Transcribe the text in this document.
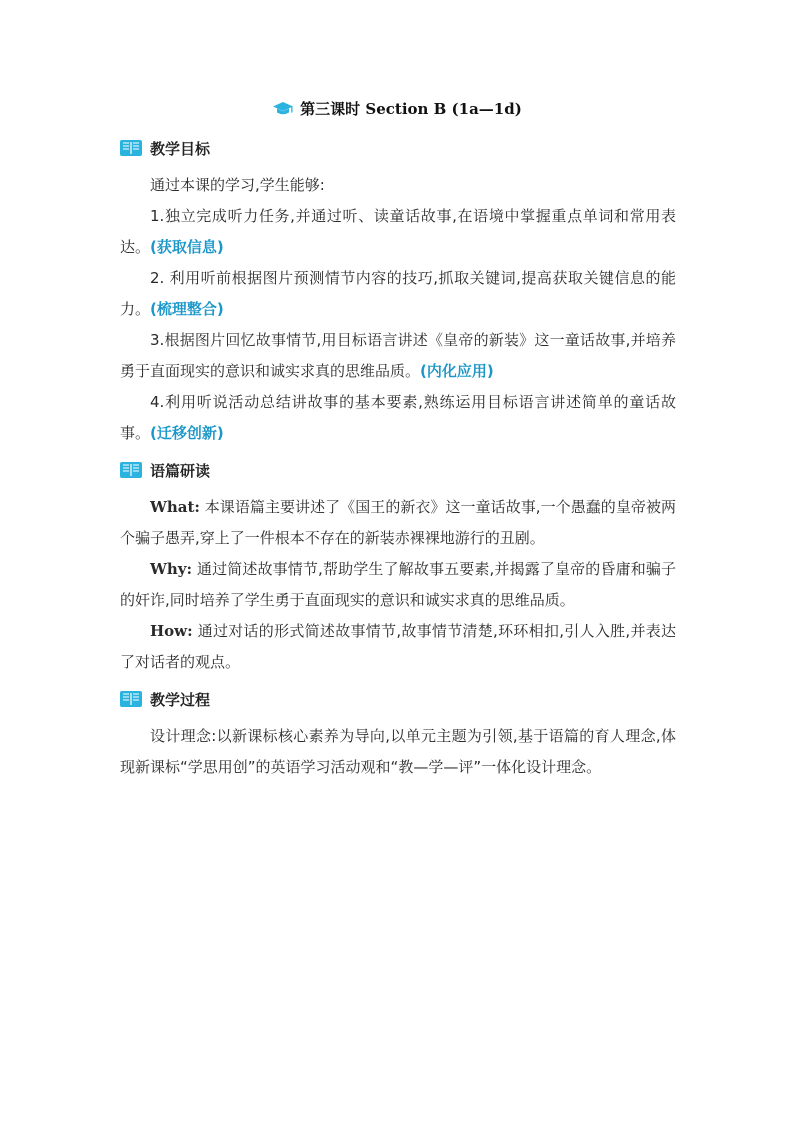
第三课时 Section B (1a—1d)
教学目标
通过本课的学习,学生能够:
1.独立完成听力任务,并通过听、读童话故事,在语境中掌握重点单词和常用表达。(获取信息)
2. 利用听前根据图片预测情节内容的技巧,抓取关键词,提高获取关键信息的能力。(梳理整合)
3.根据图片回忆故事情节,用目标语言讲述《皇帝的新装》这一童话故事,并培养勇于直面现实的意识和诚实求真的思维品质。(内化应用)
4.利用听说活动总结讲故事的基本要素,熟练运用目标语言讲述简单的童话故事。(迁移创新)
语篇研读
What: 本课语篇主要讲述了《国王的新衣》这一童话故事,一个愚蠢的皇帝被两个骗子愚弄,穿上了一件根本不存在的新装赤裸裸地游行的丑剧。
Why: 通过简述故事情节,帮助学生了解故事五要素,并揭露了皇帝的昏庸和骗子的奸诈,同时培养了学生勇于直面现实的意识和诚实求真的思维品质。
How: 通过对话的形式简述故事情节,故事情节清楚,环环相扣,引人入胜,并表达了对话者的观点。
教学过程
设计理念:以新课标核心素养为导向,以单元主题为引领,基于语篇的育人理念,体现新课标“学思用创”的英语学习活动观和“教—学—评”一体化设计理念。
